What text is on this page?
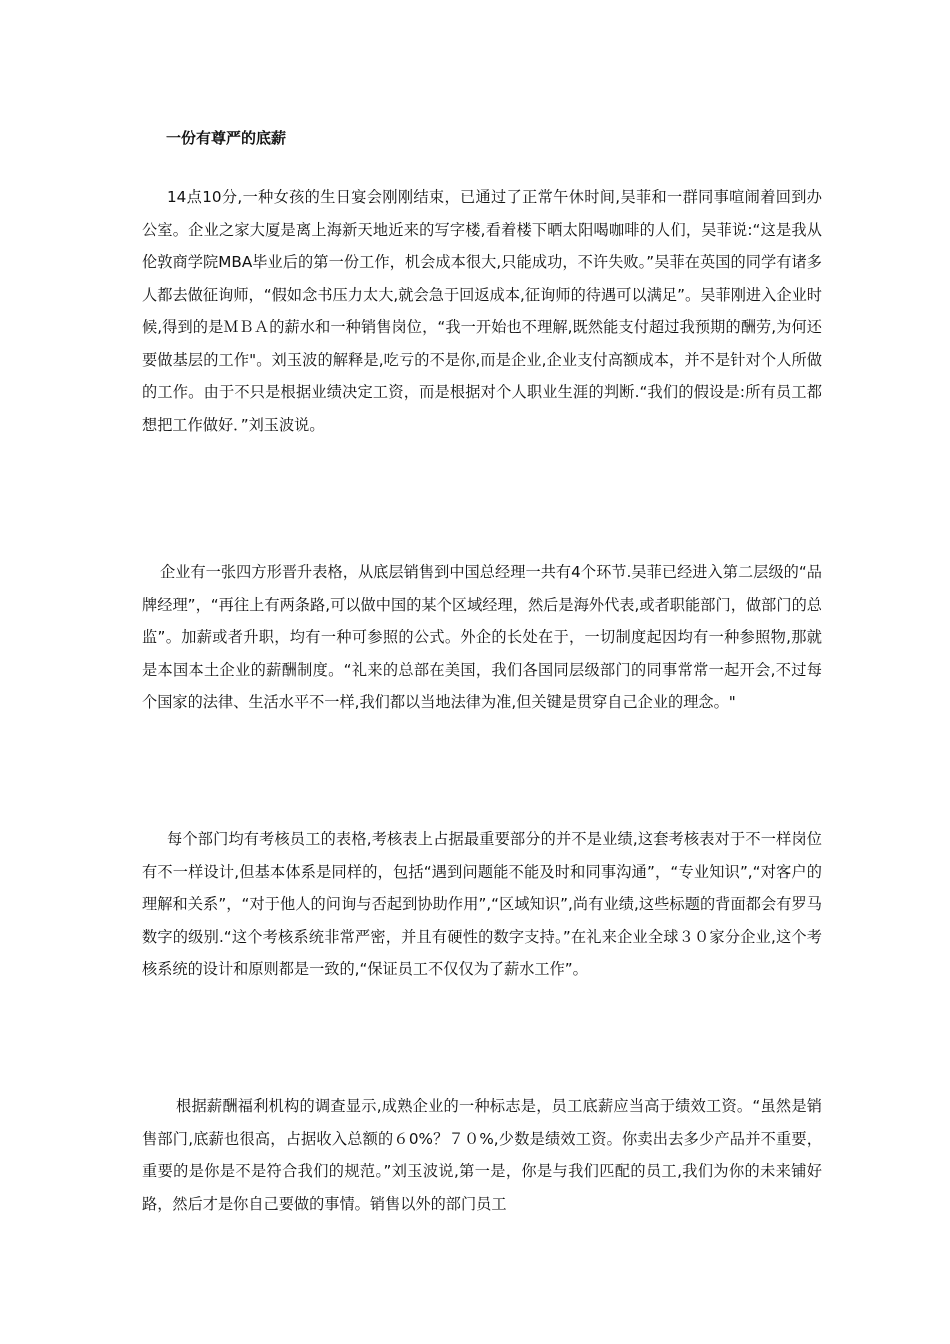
一份有尊严的底薪

14点10分,一种女孩的生日宴会刚刚结束，已通过了正常午休时间,吴菲和一群同事喧闹着回到办公室。企业之家大厦是离上海新天地近来的写字楼,看着楼下晒太阳喝咖啡的人们，吴菲说:“这是我从伦敦商学院MBA毕业后的第一份工作，机会成本很大,只能成功，不许失败。”吴菲在英国的同学有诸多人都去做征询师，“假如念书压力太大,就会急于回返成本,征询师的待遇可以满足”。吴菲刚进入企业时候,得到的是ＭＢＡ的薪水和一种销售岗位，“我一开始也不理解,既然能支付超过我预期的酬劳,为何还要做基层的工作"。刘玉波的解释是,吃亏的不是你,而是企业,企业支付高额成本，并不是针对个人所做的工作。由于不只是根据业绩决定工资，而是根据对个人职业生涯的判断.“我们的假设是:所有员工都想把工作做好．”刘玉波说。

企业有一张四方形晋升表格，从底层销售到中国总经理一共有4个环节.吴菲已经进入第二层级的“品牌经理”，“再往上有两条路,可以做中国的某个区域经理，然后是海外代表,或者职能部门，做部门的总监”。加薪或者升职，均有一种可参照的公式。外企的长处在于，一切制度起因均有一种参照物,那就是本国本土企业的薪酬制度。“礼来的总部在美国，我们各国同层级部门的同事常常一起开会,不过每个国家的法律、生活水平不一样,我们都以当地法律为准,但关键是贯穿自己企业的理念。"

每个部门均有考核员工的表格,考核表上占据最重要部分的并不是业绩,这套考核表对于不一样岗位有不一样设计,但基本体系是同样的，包括“遇到问题能不能及时和同事沟通”，“专业知识”,“对客户的理解和关系”，“对于他人的问询与否起到协助作用”,“区域知识”,尚有业绩,这些标题的背面都会有罗马数字的级别.“这个考核系统非常严密，并且有硬性的数字支持。”在礼来企业全球３０家分企业,这个考核系统的设计和原则都是一致的,“保证员工不仅仅为了薪水工作”。

根据薪酬福利机构的调查显示,成熟企业的一种标志是，员工底薪应当高于绩效工资。“虽然是销售部门,底薪也很高，占据收入总额的６0%？７０%,少数是绩效工资。你卖出去多少产品并不重要，重要的是你是不是符合我们的规范。”刘玉波说,第一是，你是与我们匹配的员工,我们为你的未来铺好路，然后才是你自己要做的事情。销售以外的部门员工
